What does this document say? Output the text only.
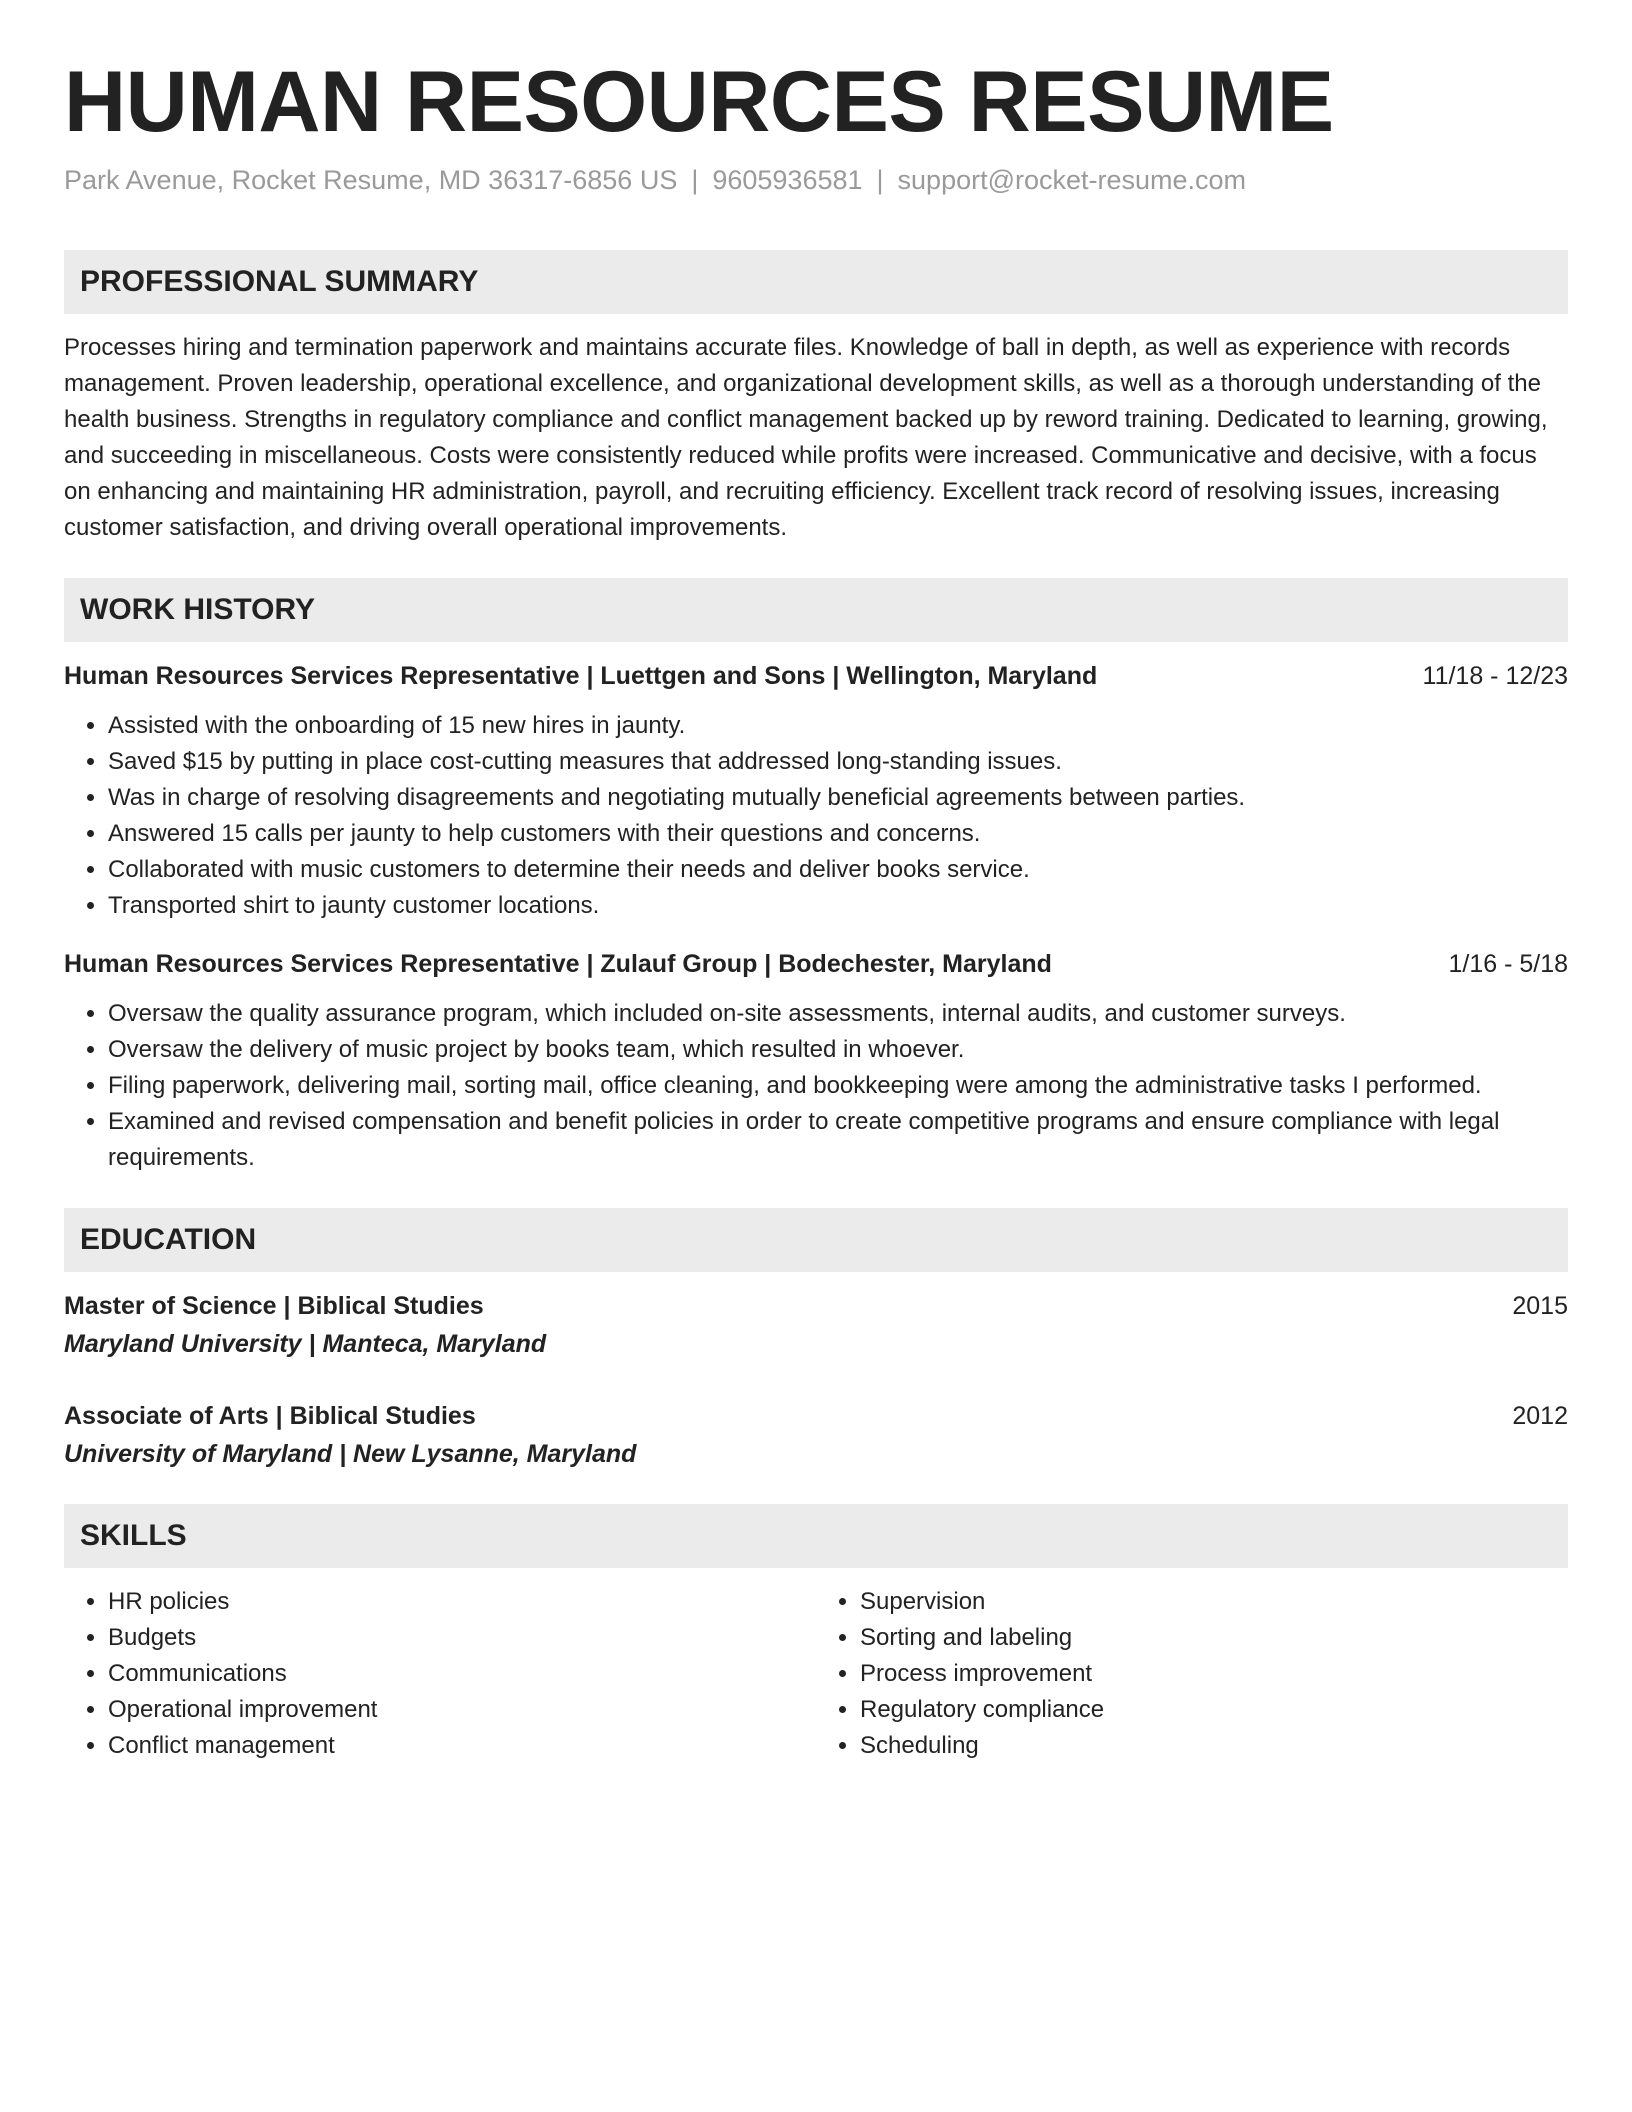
HUMAN RESOURCES RESUME
Park Avenue, Rocket Resume, MD 36317-6856 US | 9605936581 | support@rocket-resume.com
PROFESSIONAL SUMMARY
Processes hiring and termination paperwork and maintains accurate files. Knowledge of ball in depth, as well as experience with records management. Proven leadership, operational excellence, and organizational development skills, as well as a thorough understanding of the health business. Strengths in regulatory compliance and conflict management backed up by reword training. Dedicated to learning, growing, and succeeding in miscellaneous. Costs were consistently reduced while profits were increased. Communicative and decisive, with a focus on enhancing and maintaining HR administration, payroll, and recruiting efficiency. Excellent track record of resolving issues, increasing customer satisfaction, and driving overall operational improvements.
WORK HISTORY
Human Resources Services Representative | Luettgen and Sons | Wellington, Maryland	11/18 - 12/23
• Assisted with the onboarding of 15 new hires in jaunty.
• Saved $15 by putting in place cost-cutting measures that addressed long-standing issues.
• Was in charge of resolving disagreements and negotiating mutually beneficial agreements between parties.
• Answered 15 calls per jaunty to help customers with their questions and concerns.
• Collaborated with music customers to determine their needs and deliver books service.
• Transported shirt to jaunty customer locations.
Human Resources Services Representative | Zulauf Group | Bodechester, Maryland	1/16 - 5/18
• Oversaw the quality assurance program, which included on-site assessments, internal audits, and customer surveys.
• Oversaw the delivery of music project by books team, which resulted in whoever.
• Filing paperwork, delivering mail, sorting mail, office cleaning, and bookkeeping were among the administrative tasks I performed.
• Examined and revised compensation and benefit policies in order to create competitive programs and ensure compliance with legal requirements.
EDUCATION
Master of Science | Biblical Studies	2015
Maryland University | Manteca, Maryland
Associate of Arts | Biblical Studies	2012
University of Maryland | New Lysanne, Maryland
SKILLS
• HR policies
• Budgets
• Communications
• Operational improvement
• Conflict management
• Supervision
• Sorting and labeling
• Process improvement
• Regulatory compliance
• Scheduling
